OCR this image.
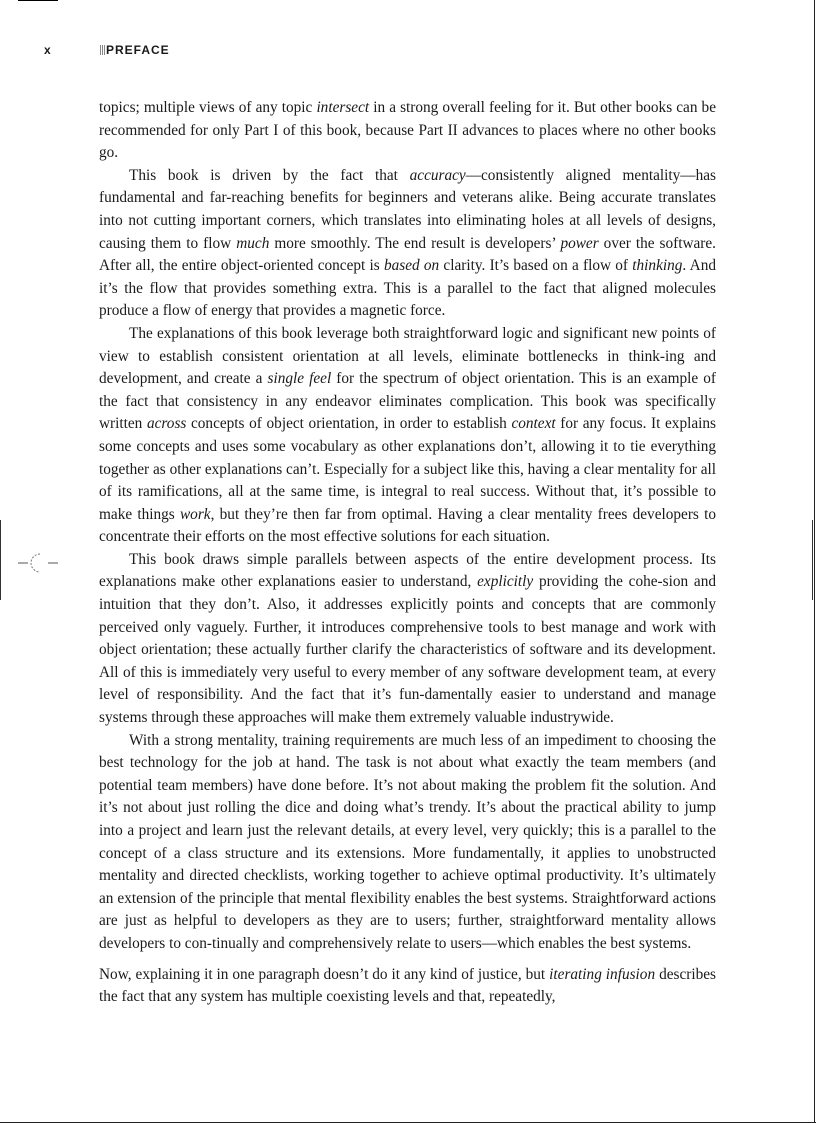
x	PREFACE

topics; multiple views of any topic intersect in a strong overall feeling for it. But other books can be recommended for only Part I of this book, because Part II advances to places where no other books go.

This book is driven by the fact that accuracy—consistently aligned mentality—has fundamental and far-reaching benefits for beginners and veterans alike. Being accurate translates into not cutting important corners, which translates into eliminating holes at all levels of designs, causing them to flow much more smoothly. The end result is developers’ power over the software. After all, the entire object-oriented concept is based on clarity. It’s based on a flow of thinking. And it’s the flow that provides something extra. This is a parallel to the fact that aligned molecules produce a flow of energy that provides a magnetic force.

The explanations of this book leverage both straightforward logic and significant new points of view to establish consistent orientation at all levels, eliminate bottlenecks in think-ing and development, and create a single feel for the spectrum of object orientation. This is an example of the fact that consistency in any endeavor eliminates complication. This book was specifically written across concepts of object orientation, in order to establish context for any focus. It explains some concepts and uses some vocabulary as other explanations don’t, allowing it to tie everything together as other explanations can’t. Especially for a subject like this, having a clear mentality for all of its ramifications, all at the same time, is integral to real success. Without that, it’s possible to make things work, but they’re then far from optimal. Having a clear mentality frees developers to concentrate their efforts on the most effective solutions for each situation.

This book draws simple parallels between aspects of the entire development process. Its explanations make other explanations easier to understand, explicitly providing the cohe-sion and intuition that they don’t. Also, it addresses explicitly points and concepts that are commonly perceived only vaguely. Further, it introduces comprehensive tools to best manage and work with object orientation; these actually further clarify the characteristics of software and its development. All of this is immediately very useful to every member of any software development team, at every level of responsibility. And the fact that it’s fun-damentally easier to understand and manage systems through these approaches will make them extremely valuable industrywide.

With a strong mentality, training requirements are much less of an impediment to choosing the best technology for the job at hand. The task is not about what exactly the team members (and potential team members) have done before. It’s not about making the problem fit the solution. And it’s not about just rolling the dice and doing what’s trendy. It’s about the practical ability to jump into a project and learn just the relevant details, at every level, very quickly; this is a parallel to the concept of a class structure and its extensions. More fundamentally, it applies to unobstructed mentality and directed checklists, working together to achieve optimal productivity. It’s ultimately an extension of the principle that mental flexibility enables the best systems. Straightforward actions are just as helpful to developers as they are to users; further, straightforward mentality allows developers to con-tinually and comprehensively relate to users—which enables the best systems.

Now, explaining it in one paragraph doesn’t do it any kind of justice, but iterating infusion describes the fact that any system has multiple coexisting levels and that, repeatedly,
